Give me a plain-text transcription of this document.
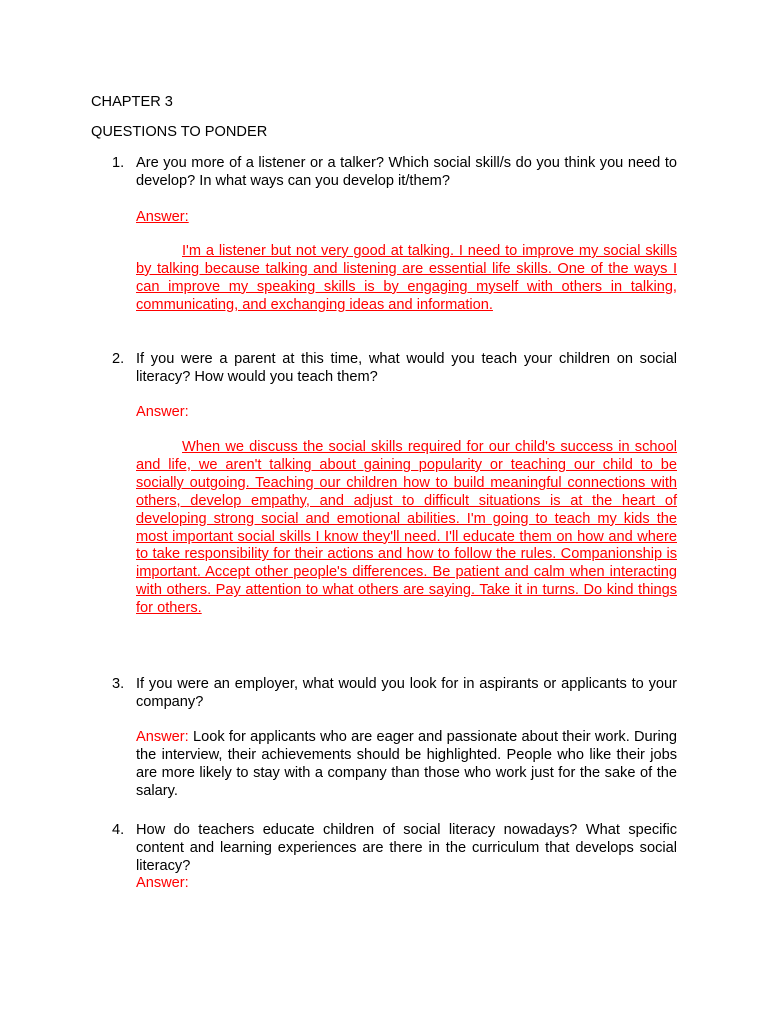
CHAPTER 3
QUESTIONS TO PONDER
1. Are you more of a listener or a talker? Which social skill/s do you think you need to develop? In what ways can you develop it/them?
Answer:
I'm a listener but not very good at talking. I need to improve my social skills by talking because talking and listening are essential life skills. One of the ways I can improve my speaking skills is by engaging myself with others in talking, communicating, and exchanging ideas and information.
2. If you were a parent at this time, what would you teach your children on social literacy? How would you teach them?
Answer:
When we discuss the social skills required for our child's success in school and life, we aren't talking about gaining popularity or teaching our child to be socially outgoing. Teaching our children how to build meaningful connections with others, develop empathy, and adjust to difficult situations is at the heart of developing strong social and emotional abilities. I'm going to teach my kids the most important social skills I know they'll need. I'll educate them on how and where to take responsibility for their actions and how to follow the rules. Companionship is important. Accept other people's differences. Be patient and calm when interacting with others. Pay attention to what others are saying. Take it in turns. Do kind things for others.
3. If you were an employer, what would you look for in aspirants or applicants to your company?
Answer: Look for applicants who are eager and passionate about their work. During the interview, their achievements should be highlighted. People who like their jobs are more likely to stay with a company than those who work just for the sake of the salary.
4. How do teachers educate children of social literacy nowadays? What specific content and learning experiences are there in the curriculum that develops social literacy?
Answer:
